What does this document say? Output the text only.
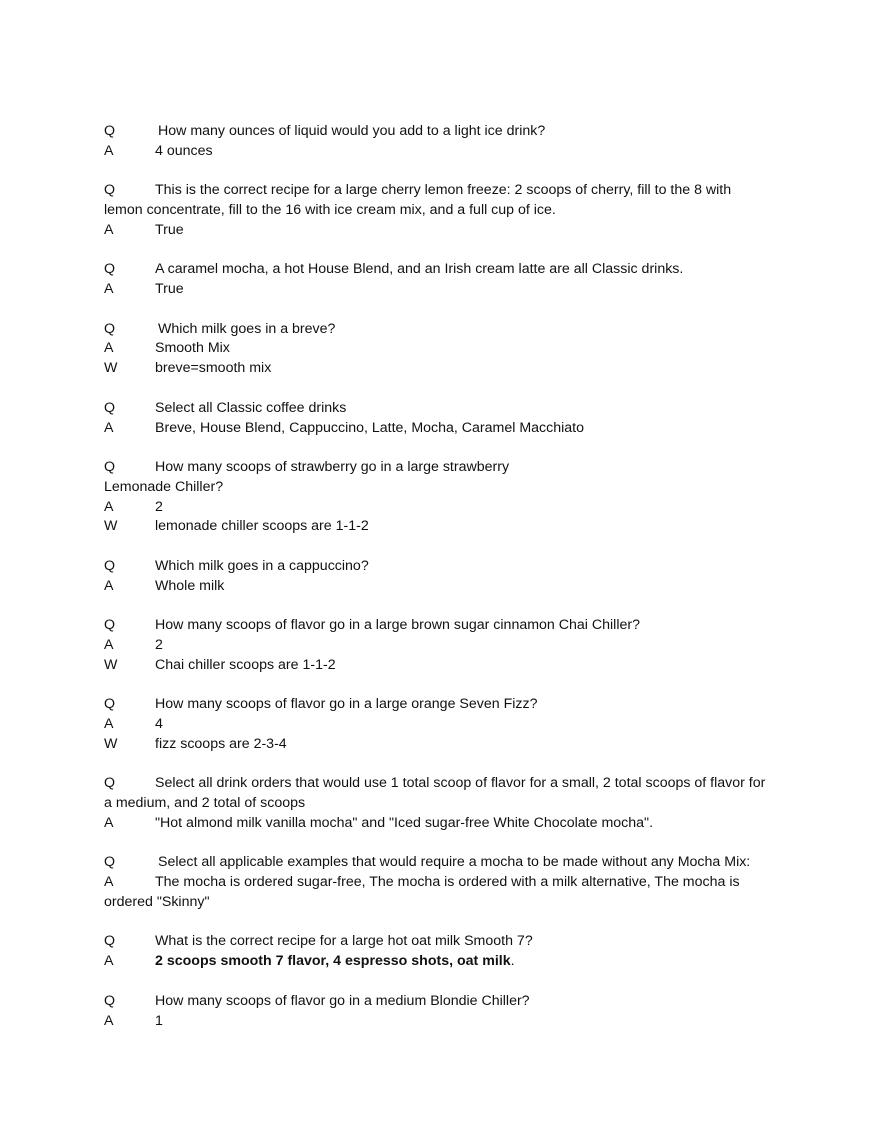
Q	How many ounces of liquid would you add to a light ice drink?
A	4 ounces
Q	This is the correct recipe for a large cherry lemon freeze: 2 scoops of cherry, fill to the 8 with lemon concentrate, fill to the 16 with ice cream mix, and a full cup of ice.
A	True
Q	A caramel mocha, a hot House Blend, and an Irish cream latte are all Classic drinks.
A	True
Q	Which milk goes in a breve?
A	Smooth Mix
W	breve=smooth mix
Q	Select all Classic coffee drinks
A	Breve, House Blend, Cappuccino, Latte, Mocha, Caramel Macchiato
Q	How many scoops of strawberry go in a large strawberry
Lemonade Chiller?
A	2
W	lemonade chiller scoops are 1-1-2
Q	Which milk goes in a cappuccino?
A	Whole milk
Q	How many scoops of flavor go in a large brown sugar cinnamon Chai Chiller?
A	2
W	Chai chiller scoops are 1-1-2
Q	How many scoops of flavor go in a large orange Seven Fizz?
A	4
W	fizz scoops are 2-3-4
Q	Select all drink orders that would use 1 total scoop of flavor for a small, 2 total scoops of flavor for a medium, and 2 total of scoops
A	"Hot almond milk vanilla mocha" and "Iced sugar-free White Chocolate mocha".
Q	Select all applicable examples that would require a mocha to be made without any Mocha Mix:
A	The mocha is ordered sugar-free, The mocha is ordered with a milk alternative, The mocha is ordered "Skinny"
Q	What is the correct recipe for a large hot oat milk Smooth 7?
A	2 scoops smooth 7 flavor, 4 espresso shots, oat milk.
Q	How many scoops of flavor go in a medium Blondie Chiller?
A	1
